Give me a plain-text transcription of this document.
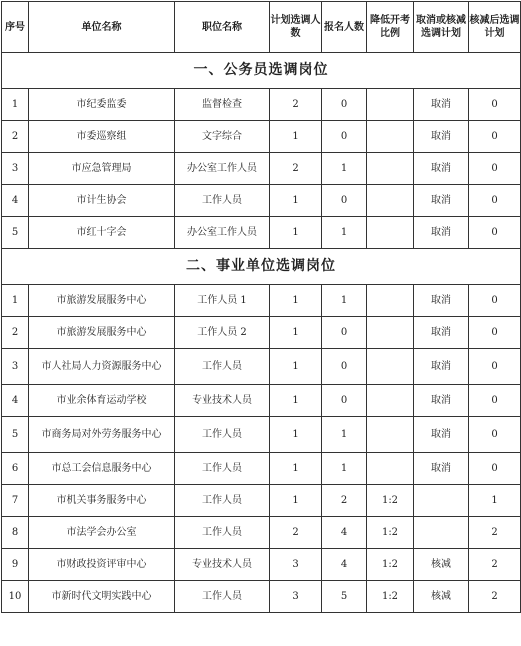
序号	单位名称	职位名称	计划选调人数	报名人数	降低开考比例	取消或核减选调计划	核减后选调计划
一、公务员选调岗位							
1	市纪委监委	监督检查	2	0		取消	0
2	市委巡察组	文字综合	1	0		取消	0
3	市应急管理局	办公室工作人员	2	1		取消	0
4	市计生协会	工作人员	1	0		取消	0
5	市红十字会	办公室工作人员	1	1		取消	0
二、事业单位选调岗位							
1	市旅游发展服务中心	工作人员 1	1	1		取消	0
2	市旅游发展服务中心	工作人员 2	1	0		取消	0
3	市人社局人力资源服务中心	工作人员	1	0		取消	0
4	市业余体育运动学校	专业技术人员	1	0		取消	0
5	市商务局对外劳务服务中心	工作人员	1	1		取消	0
6	市总工会信息服务中心	工作人员	1	1		取消	0
7	市机关事务服务中心	工作人员	1	2	1:2		1
8	市法学会办公室	工作人员	2	4	1:2		2
9	市财政投资评审中心	专业技术人员	3	4	1:2	核减	2
10	市新时代文明实践中心	工作人员	3	5	1:2	核减	2
